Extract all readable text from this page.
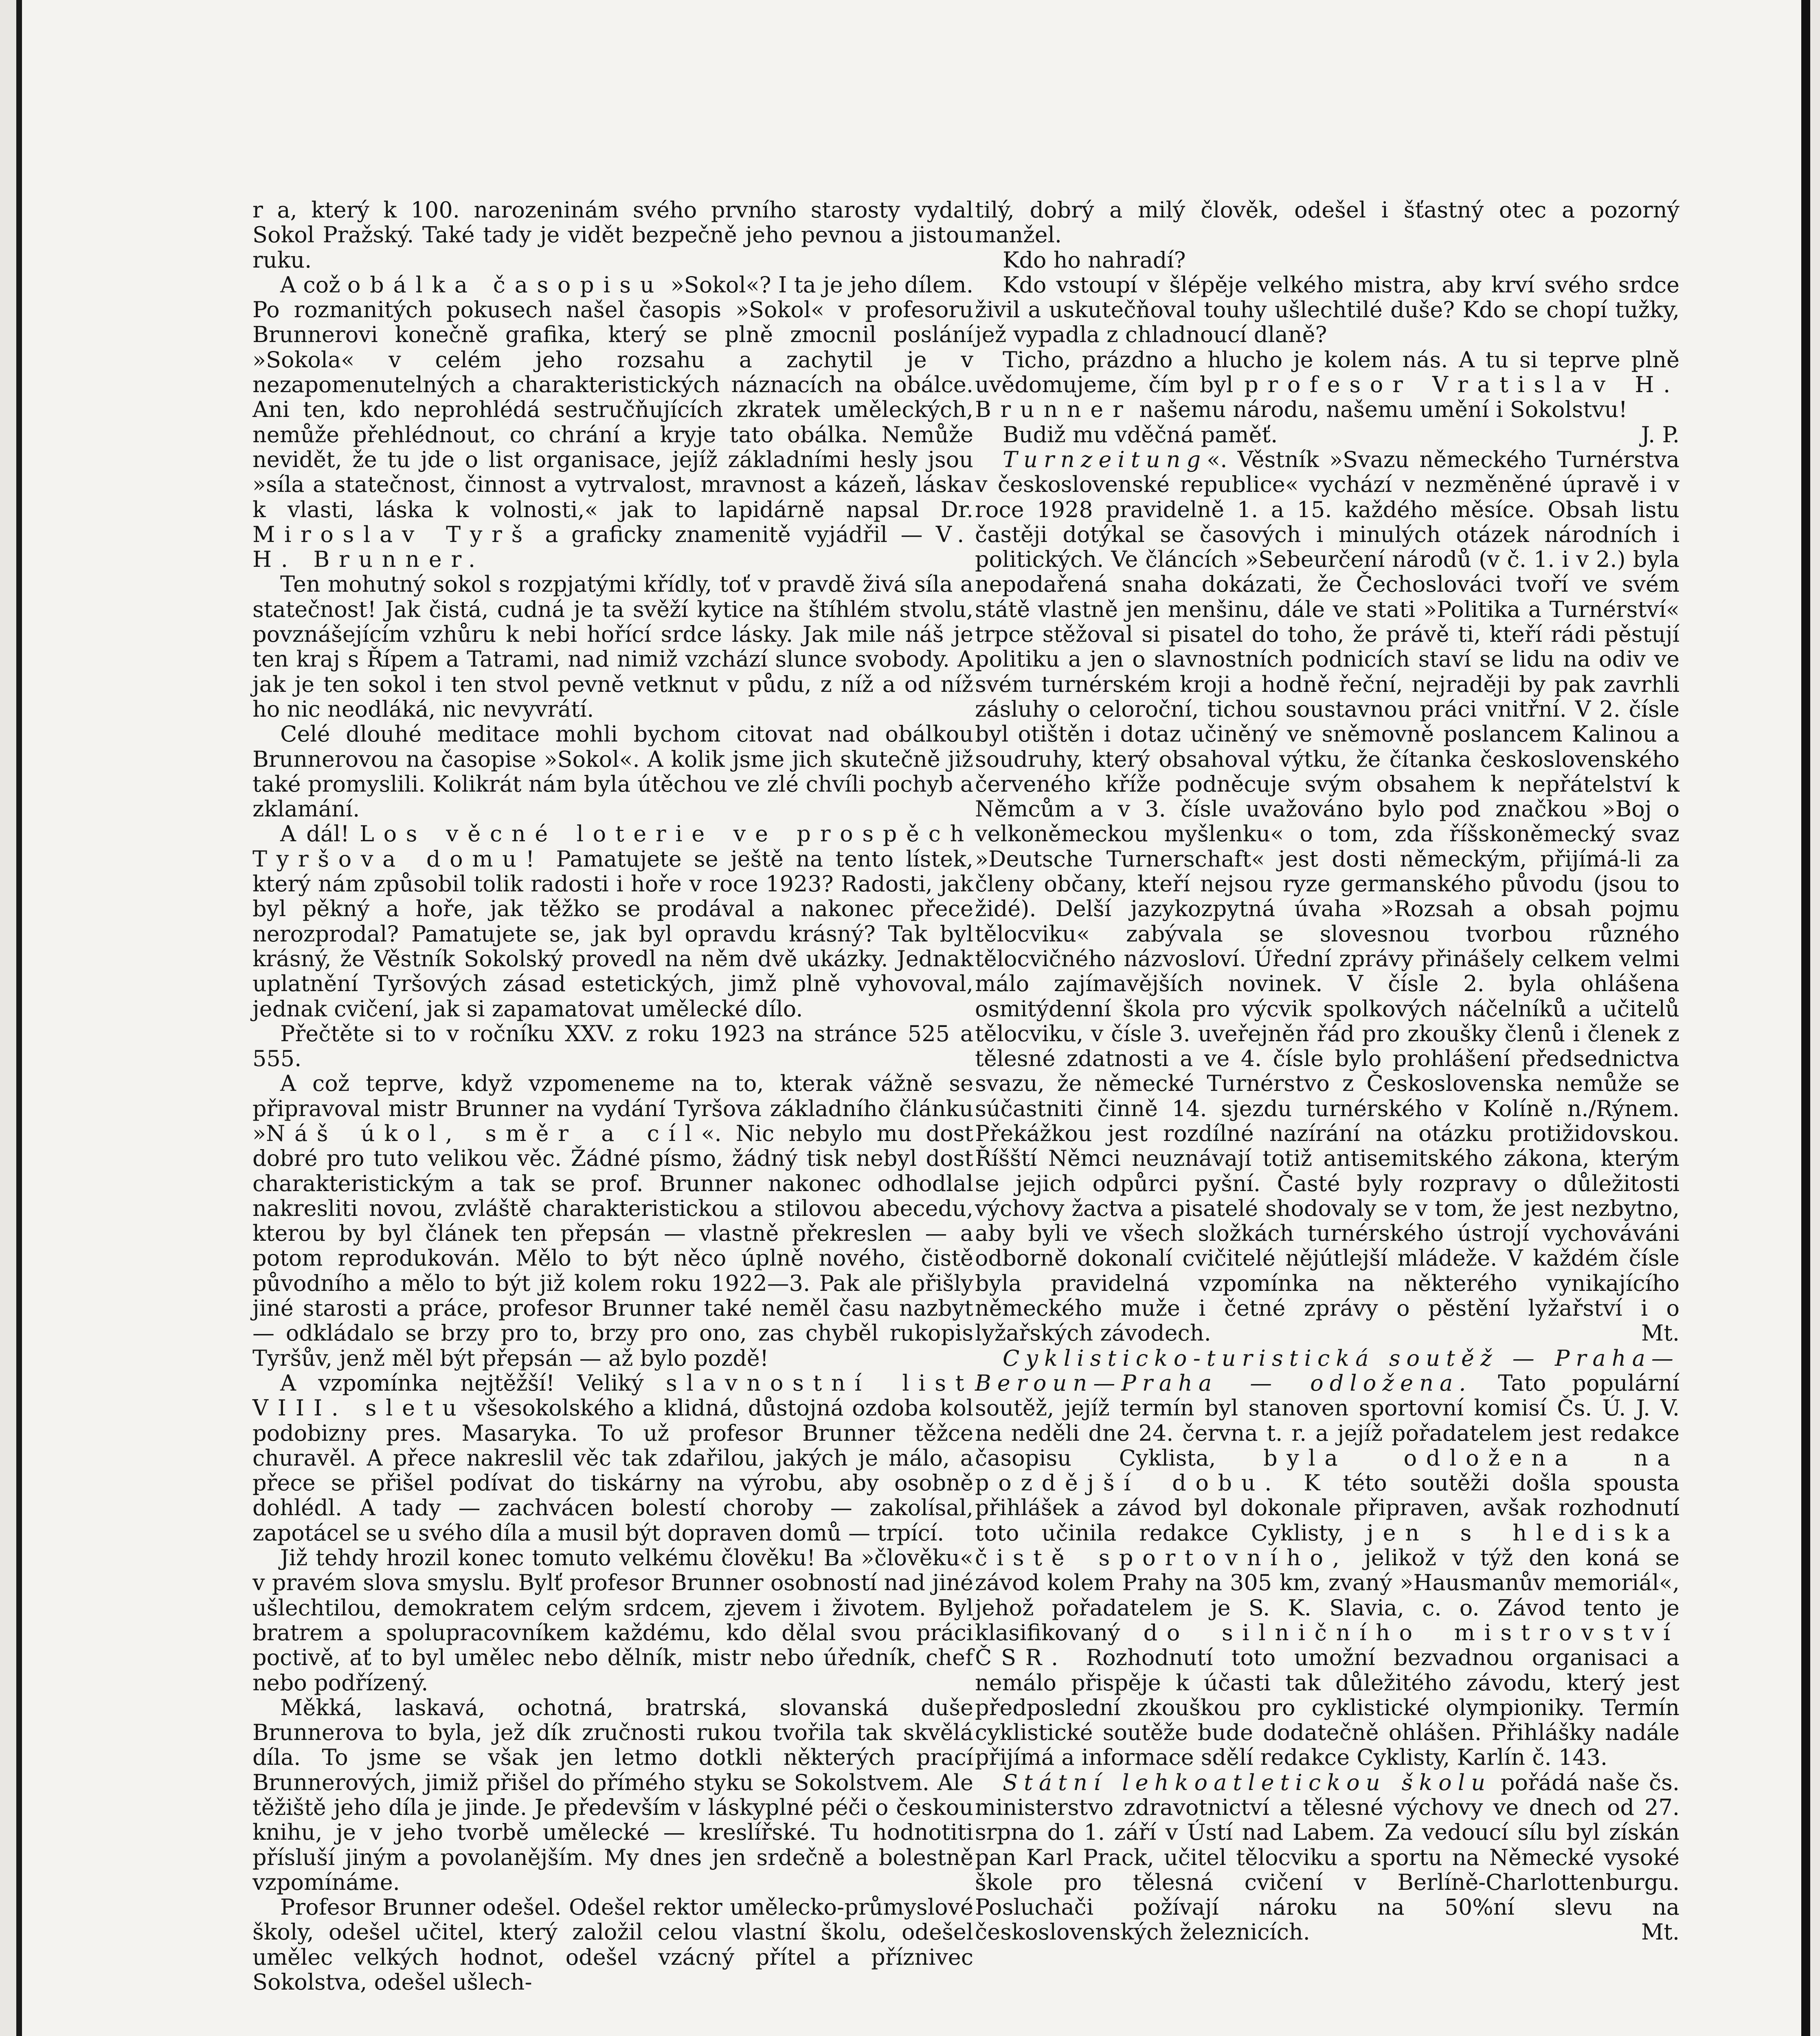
r a, který k 100. narozeninám svého prvního starosty vydal Sokol Pražský. Také tady je vidět bezpečně jeho pevnou a jistou ruku.

A což obálka časopisu »Sokol«? I ta je jeho dílem. Po rozmanitých pokusech našel časopis »Sokol« v profesoru Brunnerovi konečně grafika, který se plně zmocnil poslání »Sokola« v celém jeho rozsahu a zachytil je v nezapomenutelných a charakteristických náznacích na obálce. Ani ten, kdo neprohlédá sestručňujících zkratek uměleckých, nemůže přehlédnout, co chrání a kryje tato obálka. Nemůže nevidět, že tu jde o list organisace, jejíž základními hesly jsou »síla a statečnost, činnost a vytrvalost, mravnost a kázeň, láska k vlasti, láska k volnosti,« jak to lapidárně napsal Dr. Miroslav Tyrš a graficky znamenitě vyjádřil — V. H. Brunner.

Ten mohutný sokol s rozpjatými křídly, toť v pravdě živá síla a statečnost! Jak čistá, cudná je ta svěží kytice na štíhlém stvolu, povznášejícím vzhůru k nebi hořící srdce lásky. Jak mile náš je ten kraj s Řípem a Tatrami, nad nimiž vzchází slunce svobody. A jak je ten sokol i ten stvol pevně vetknut v půdu, z níž a od níž ho nic neodláká, nic nevyvrátí.

Celé dlouhé meditace mohli bychom citovat nad obálkou Brunnerovou na časopise »Sokol«. A kolik jsme jich skutečně již také promyslili. Kolikrát nám byla útěchou ve zlé chvíli pochyb a zklamání.

A dál! Los věcné loterie ve prospěch Tyršova domu! Pamatujete se ještě na tento lístek, který nám způsobil tolik radosti i hoře v roce 1923? Radosti, jak byl pěkný a hoře, jak těžko se prodával a nakonec přece nerozprodal? Pamatujete se, jak byl opravdu krásný? Tak byl krásný, že Věstník Sokolský provedl na něm dvě ukázky. Jednak uplatnění Tyršových zásad estetických, jimž plně vyhovoval, jednak cvičení, jak si zapamatovat umělecké dílo.

Přečtěte si to v ročníku XXV. z roku 1923 na stránce 525 a 555.

A což teprve, když vzpomeneme na to, kterak vážně se připravoval mistr Brunner na vydání Tyršova základního článku »Náš úkol, směr a cíl«. Nic nebylo mu dost dobré pro tuto velikou věc. Žádné písmo, žádný tisk nebyl dost charakteristickým a tak se prof. Brunner nakonec odhodlal nakresliti novou, zvláště charakteristickou a stilovou abecedu, kterou by byl článek ten přepsán — vlastně překreslen — a potom reprodukován. Mělo to být něco úplně nového, čistě původního a mělo to být již kolem roku 1922—3. Pak ale přišly jiné starosti a práce, profesor Brunner také neměl času nazbyt — odkládalo se brzy pro to, brzy pro ono, zas chyběl rukopis Tyršův, jenž měl být přepsán — až bylo pozdě!

A vzpomínka nejtěžší! Veliký slavnostní list VIII. sletu všesokolského a klidná, důstojná ozdoba kol podobizny pres. Masaryka. To už profesor Brunner těžce churavěl. A přece nakreslil věc tak zdařilou, jakých je málo, a přece se přišel podívat do tiskárny na výrobu, aby osobně dohlédl. A tady — zachvácen bolestí choroby — zakolísal, zapotácel se u svého díla a musil být dopraven domů — trpící.

Již tehdy hrozil konec tomuto velkému člověku! Ba »člověku« v pravém slova smyslu. Bylť profesor Brunner osobností nad jiné ušlechtilou, demokratem celým srdcem, zjevem i životem. Byl bratrem a spolupracovníkem každému, kdo dělal svou práci poctivě, ať to byl umělec nebo dělník, mistr nebo úředník, chef nebo podřízený.

Měkká, laskavá, ochotná, bratrská, slovanská duše Brunnerova to byla, jež dík zručnosti rukou tvořila tak skvělá díla. To jsme se však jen letmo dotkli některých prací Brunnerových, jimiž přišel do přímého styku se Sokolstvem. Ale těžiště jeho díla je jinde. Je především v láskyplné péči o českou knihu, je v jeho tvorbě umělecké — kreslířské. Tu hodnotiti přísluší jiným a povolanějším. My dnes jen srdečně a bolestně vzpomínáme.

Profesor Brunner odešel. Odešel rektor umělecko-průmyslové školy, odešel učitel, který založil celou vlastní školu, odešel umělec velkých hodnot, odešel vzácný přítel a příznivec Sokolstva, odešel ušlech-

tilý, dobrý a milý člověk, odešel i šťastný otec a pozorný manžel.

Kdo ho nahradí?

Kdo vstoupí v šlépěje velkého mistra, aby krví svého srdce živil a uskutečňoval touhy ušlechtilé duše? Kdo se chopí tužky, jež vypadla z chladnoucí dlaně?

Ticho, prázdno a hlucho je kolem nás. A tu si teprve plně uvědomujeme, čím byl profesor Vratislav H. Brunner našemu národu, našemu umění i Sokolstvu!

Budiž mu vděčná paměť.	J. P.

Turnzeitung«. Věstník »Svazu německého Turnérstva v československé republice« vychází v nezměněné úpravě i v roce 1928 pravidelně 1. a 15. každého měsíce. Obsah listu častěji dotýkal se časových i minulých otázek národních i politických. Ve článcích »Sebeurčení národů (v č. 1. i v 2.) byla nepodařená snaha dokázati, že Čechoslováci tvoří ve svém státě vlastně jen menšinu, dále ve stati »Politika a Turnérství« trpce stěžoval si pisatel do toho, že právě ti, kteří rádi pěstují politiku a jen o slavnostních podnicích staví se lidu na odiv ve svém turnérském kroji a hodně řeční, nejraději by pak zavrhli zásluhy o celoroční, tichou soustavnou práci vnitřní. V 2. čísle byl otištěn i dotaz učiněný ve sněmovně poslancem Kalinou a soudruhy, který obsahoval výtku, že čítanka československého červeného kříže podněcuje svým obsahem k nepřátelství k Němcům a v 3. čísle uvažováno bylo pod značkou »Boj o velkoněmeckou myšlenku« o tom, zda říšskoněmecký svaz »Deutsche Turnerschaft« jest dosti německým, přijímá-li za členy občany, kteří nejsou ryze germanského původu (jsou to židé). Delší jazykozpytná úvaha »Rozsah a obsah pojmu tělocviku« zabývala se slovesnou tvorbou různého tělocvičného názvosloví. Úřední zprávy přinášely celkem velmi málo zajímavějších novinek. V čísle 2. byla ohlášena osmitýdenní škola pro výcvik spolkových náčelníků a učitelů tělocviku, v čísle 3. uveřejněn řád pro zkoušky členů i členek z tělesné zdatnosti a ve 4. čísle bylo prohlášení předsednictva svazu, že německé Turnérstvo z Československa nemůže se súčastniti činně 14. sjezdu turnérského v Kolíně n./Rýnem. Překážkou jest rozdílné nazírání na otázku protižidovskou. Říšští Němci neuznávají totiž antisemitského zákona, kterým se jejich odpůrci pyšní. Časté byly rozpravy o důležitosti výchovy žactva a pisatelé shodovaly se v tom, že jest nezbytno, aby byli ve všech složkách turnérského ústrojí vychováváni odborně dokonalí cvičitelé nějútlejší mládeže. V každém čísle byla pravidelná vzpomínka na některého vynikajícího německého muže i četné zprávy o pěstění lyžařství i o lyžařských závodech.	Mt.

Cyklisticko-turistická soutěž — Praha—Beroun—Praha — odložena. Tato populární soutěž, jejíž termín byl stanoven sportovní komisí Čs. Ú. J. V. na neděli dne 24. června t. r. a jejíž pořadatelem jest redakce časopisu Cyklista, byla odložena na pozdější dobu. K této soutěži došla spousta přihlášek a závod byl dokonale připraven, avšak rozhodnutí toto učinila redakce Cyklisty, jen s hlediska čistě sportovního, jelikož v týž den koná se závod kolem Prahy na 305 km, zvaný »Hausmanův memoriál«, jehož pořadatelem je S. K. Slavia, c. o. Závod tento je klasifikovaný do silničního mistrovství ČSR. Rozhodnutí toto umožní bezvadnou organisaci a nemálo přispěje k účasti tak důležitého závodu, který jest předposlední zkouškou pro cyklistické olympioniky. Termín cyklistické soutěže bude dodatečně ohlášen. Přihlášky nadále přijímá a informace sdělí redakce Cyklisty, Karlín č. 143.

Státní lehkoatletickou školu pořádá naše čs. ministerstvo zdravotnictví a tělesné výchovy ve dnech od 27. srpna do 1. září v Ústí nad Labem. Za vedoucí sílu byl získán pan Karl Prack, učitel tělocviku a sportu na Německé vysoké škole pro tělesná cvičení v Berlíně-Charlottenburgu. Posluchači požívají nároku na 50%ní slevu na československých železnicích.	Mt.
